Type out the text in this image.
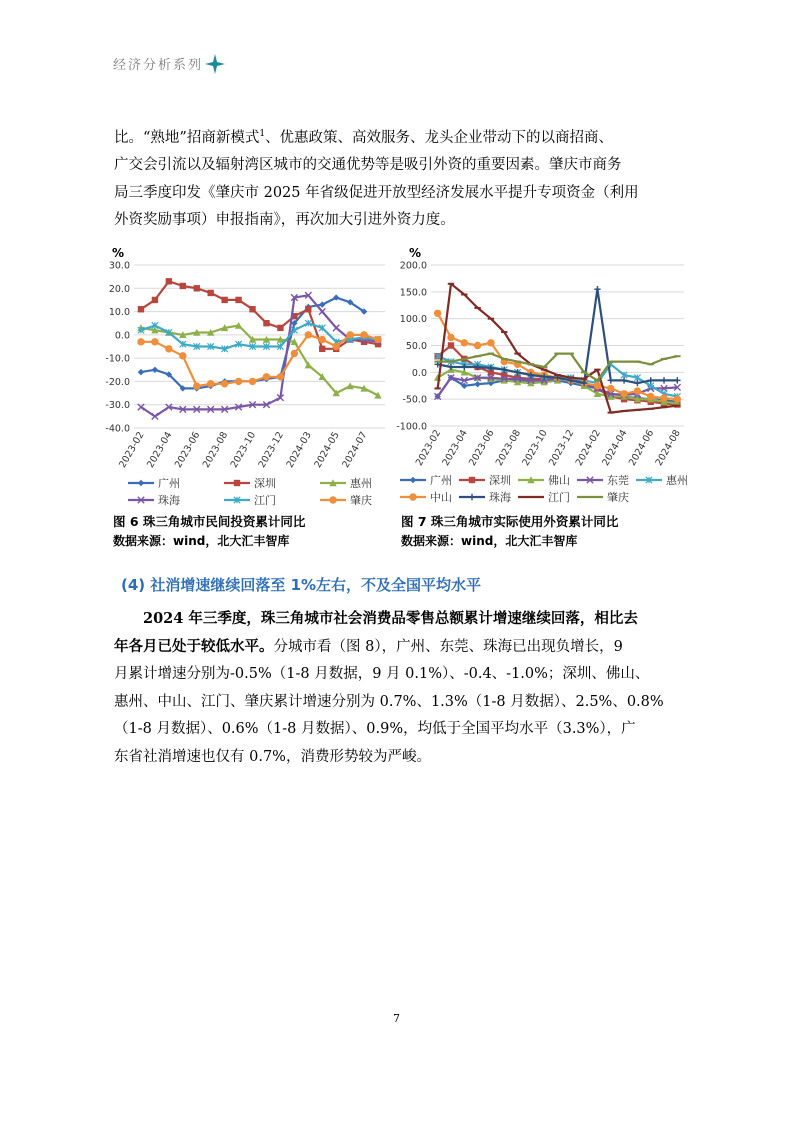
经济分析系列
比。“熟地”招商新模式$^1$、优惠政策、高效服务、龙头企业带动下的以商招商、
广交会引流以及辐射湾区城市的交通优势等是吸引外资的重要因素。肇庆市商务
局三季度印发《肇庆市 2025 年省级促进开放型经济发展水平提升专项资金（利用
外资奖励事项）申报指南》，再次加大引进外资力度。
%
30.0
20.0
10.0
0.0
-10.0
-20.0
-30.0
-40.0
2023-02
2023-04
2023-06
2023-08
2023-10
2023-12
2024-03
2024-05
2024-07
广州	深圳	惠州
珠海	江门	肇庆
%
200.0
150.0
100.0
50.0
0.0
-50.0
-100.0
2023-02
2023-04
2023-06
2023-08
2023-10
2023-12
2024-02
2024-04
2024-06
2024-08
广州	深圳	佛山	东莞	惠州
中山	珠海	江门	肇庆
图 6 珠三角城市民间投资累计同比
数据来源：wind，北大汇丰智库
图 7 珠三角城市实际使用外资累计同比
数据来源：wind，北大汇丰智库
(4) 社消增速继续回落至 1%左右，不及全国平均水平
2024 年三季度，珠三角城市社会消费品零售总额累计增速继续回落，相比去
年各月已处于较低水平。分城市看（图 8），广州、东莞、珠海已出现负增长，9
月累计增速分别为-0.5%（1-8 月数据，9 月 0.1%）、-0.4、-1.0%；深圳、佛山、
惠州、中山、江门、肇庆累计增速分别为 0.7%、1.3%（1-8 月数据）、2.5%、0.8%
（1-8 月数据）、0.6%（1-8 月数据）、0.9%，均低于全国平均水平（3.3%），广
东省社消增速也仅有 0.7%，消费形势较为严峻。
7
